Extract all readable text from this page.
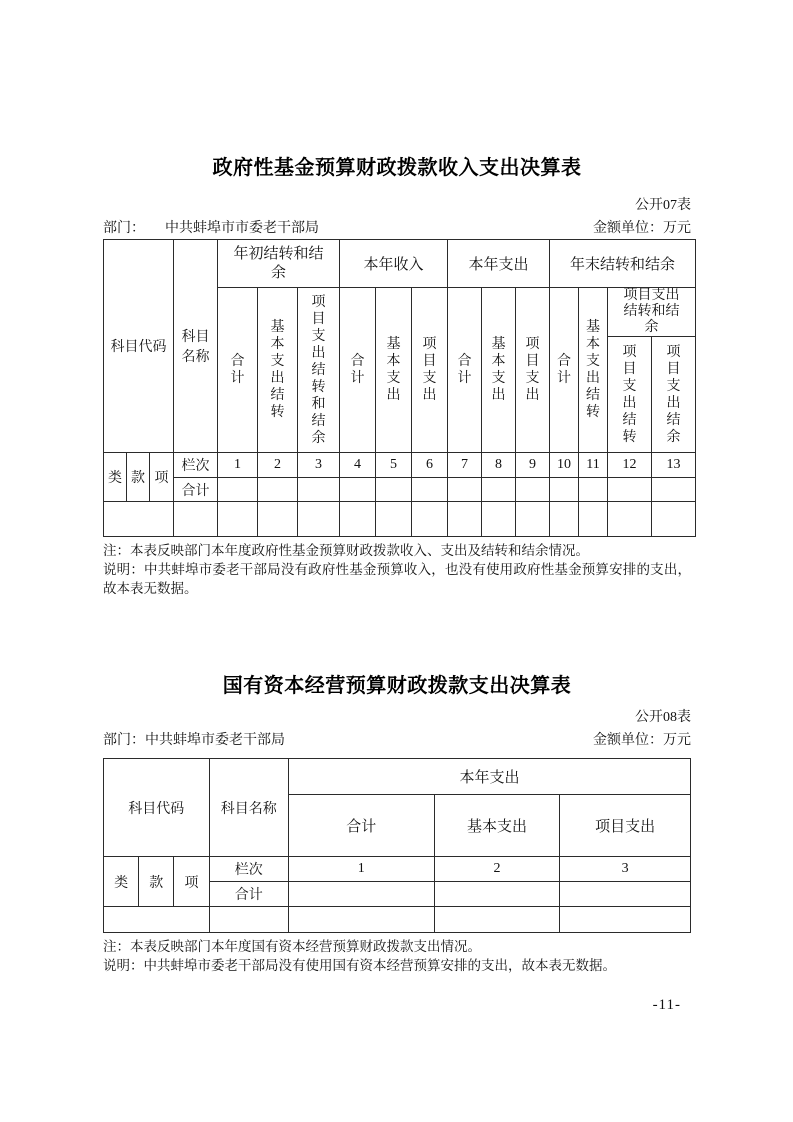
政府性基金预算财政拨款收入支出决算表
公开07表
部门： 中共蚌埠市市委老干部局	金额单位：万元
科目代码			科目名称	年初结转和结余			本年收入			本年支出			年末结转和结余			
				合计	基本支出结转	项目支出结转和结余	合计	基本支出	项目支出	合计	基本支出	项目支出	合计	基本支出结转	项目支出结转和结余	
															项目支出结转	项目支出结余
类	款	项	栏次	1	2	3	4	5	6	7	8	9	10	11	12	13
			合计													

注：本表反映部门本年度政府性基金预算财政拨款收入、支出及结转和结余情况。

说明：中共蚌埠市委老干部局没有政府性基金预算收入，也没有使用政府性基金预算安排的支出，故本表无数据。

国有资本经营预算财政拨款支出决算表
公开08表
部门：中共蚌埠市委老干部局	金额单位：万元
科目代码			科目名称	本年支出		
				合计	基本支出	项目支出
类	款	项	栏次	1	2	3
			合计			

注：本表反映部门本年度国有资本经营预算财政拨款支出情况。

说明：中共蚌埠市委老干部局没有使用国有资本经营预算安排的支出，故本表无数据。

-11-
